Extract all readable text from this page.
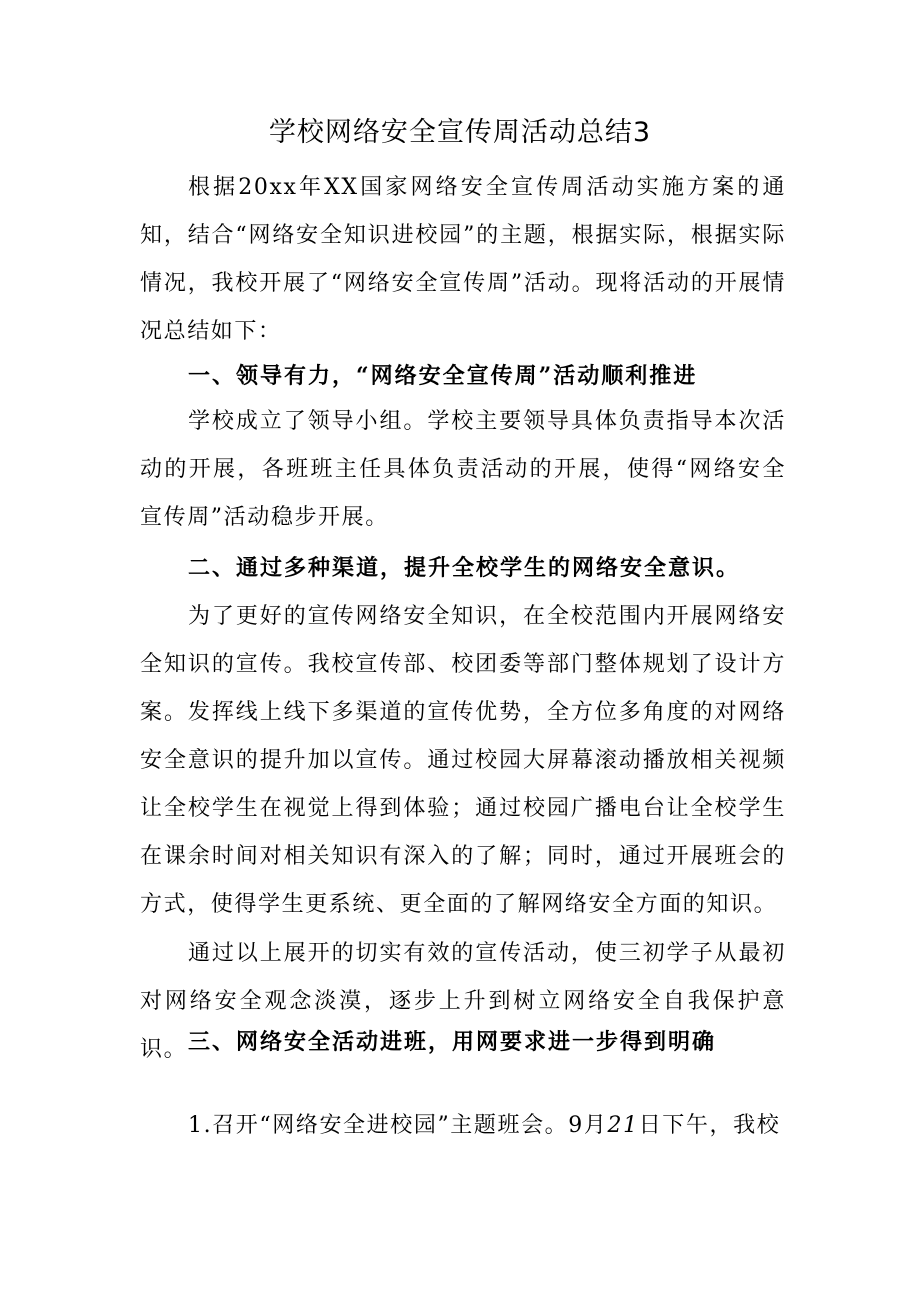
学校网络安全宣传周活动总结3
根据20xx年XX国家网络安全宣传周活动实施方案的通知，结合“网络安全知识进校园”的主题，根据实际，根据实际情况，我校开展了“网络安全宣传周”活动。现将活动的开展情况总结如下：
一、领导有力，“网络安全宣传周”活动顺利推进
学校成立了领导小组。学校主要领导具体负责指导本次活动的开展，各班班主任具体负责活动的开展，使得“网络安全宣传周”活动稳步开展。
二、通过多种渠道，提升全校学生的网络安全意识。
为了更好的宣传网络安全知识，在全校范围内开展网络安全知识的宣传。我校宣传部、校团委等部门整体规划了设计方案。发挥线上线下多渠道的宣传优势，全方位多角度的对网络安全意识的提升加以宣传。通过校园大屏幕滚动播放相关视频让全校学生在视觉上得到体验；通过校园广播电台让全校学生在课余时间对相关知识有深入的了解；同时，通过开展班会的方式，使得学生更系统、更全面的了解网络安全方面的知识。
通过以上展开的切实有效的宣传活动，使三初学子从最初对网络安全观念淡漠，逐步上升到树立网络安全自我保护意识。 三、网络安全活动进班，用网要求进一步得到明确
1.召开“网络安全进校园”主题班会。9月21日下午，我校
